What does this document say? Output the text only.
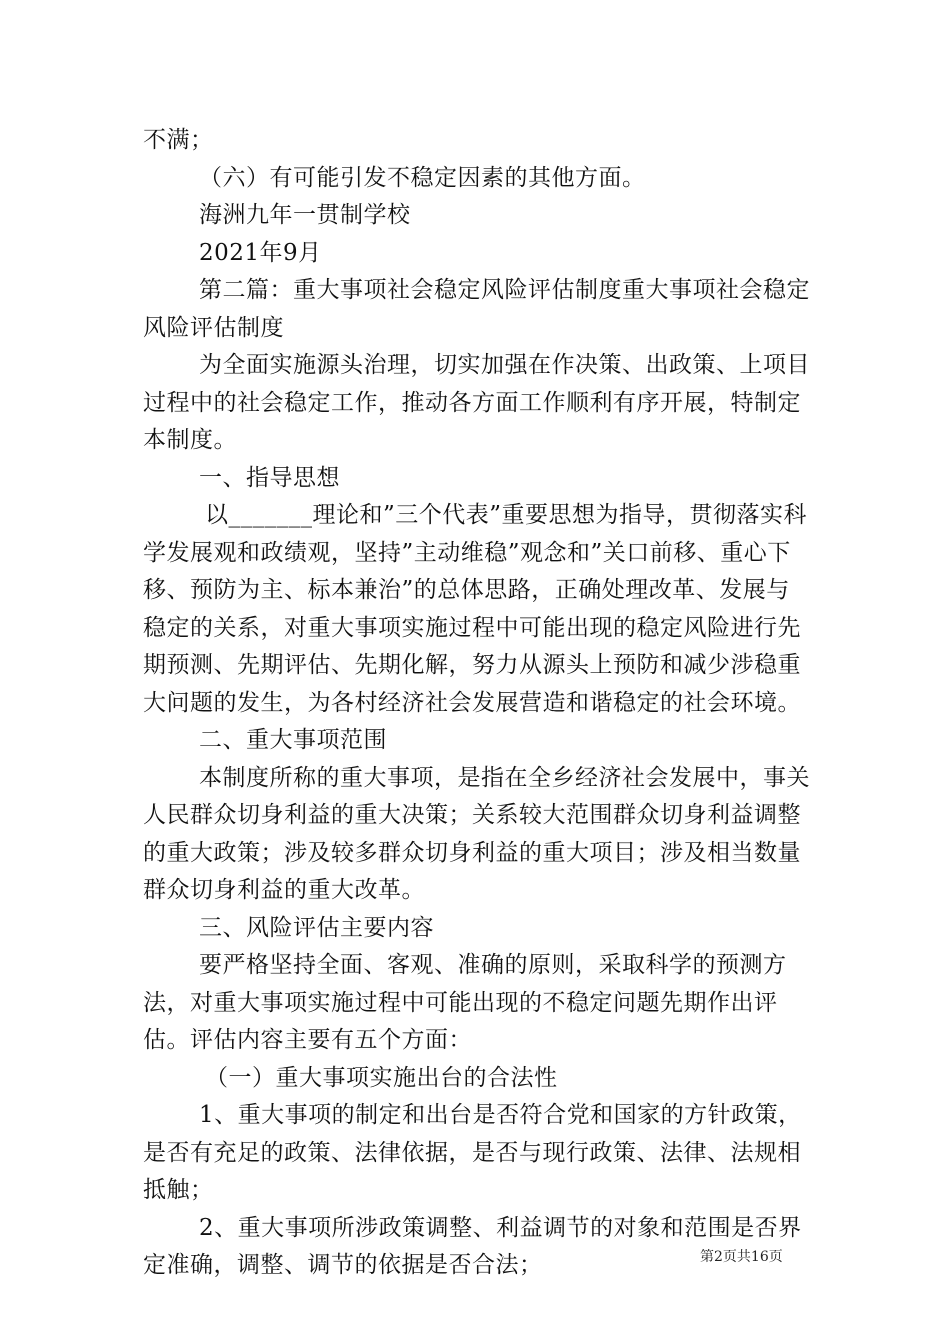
不满；

（六）有可能引发不稳定因素的其他方面。

海洲九年一贯制学校

2021年9月

第二篇：重大事项社会稳定风险评估制度重大事项社会稳定风险评估制度

为全面实施源头治理，切实加强在作决策、出政策、上项目过程中的社会稳定工作，推动各方面工作顺利有序开展，特制定本制度。

一、指导思想

以_______理论和”三个代表”重要思想为指导，贯彻落实科学发展观和政绩观，坚持”主动维稳”观念和”关口前移、重心下移、预防为主、标本兼治”的总体思路，正确处理改革、发展与稳定的关系，对重大事项实施过程中可能出现的稳定风险进行先期预测、先期评估、先期化解，努力从源头上预防和减少涉稳重大问题的发生，为各村经济社会发展营造和谐稳定的社会环境。

二、重大事项范围

本制度所称的重大事项，是指在全乡经济社会发展中，事关人民群众切身利益的重大决策；关系较大范围群众切身利益调整的重大政策；涉及较多群众切身利益的重大项目；涉及相当数量群众切身利益的重大改革。

三、风险评估主要内容

要严格坚持全面、客观、准确的原则，采取科学的预测方法，对重大事项实施过程中可能出现的不稳定问题先期作出评估。评估内容主要有五个方面：

（一）重大事项实施出台的合法性

1、重大事项的制定和出台是否符合党和国家的方针政策，是否有充足的政策、法律依据，是否与现行政策、法律、法规相抵触；

2、重大事项所涉政策调整、利益调节的对象和范围是否界定准确，调整、调节的依据是否合法；	第2页共16页
